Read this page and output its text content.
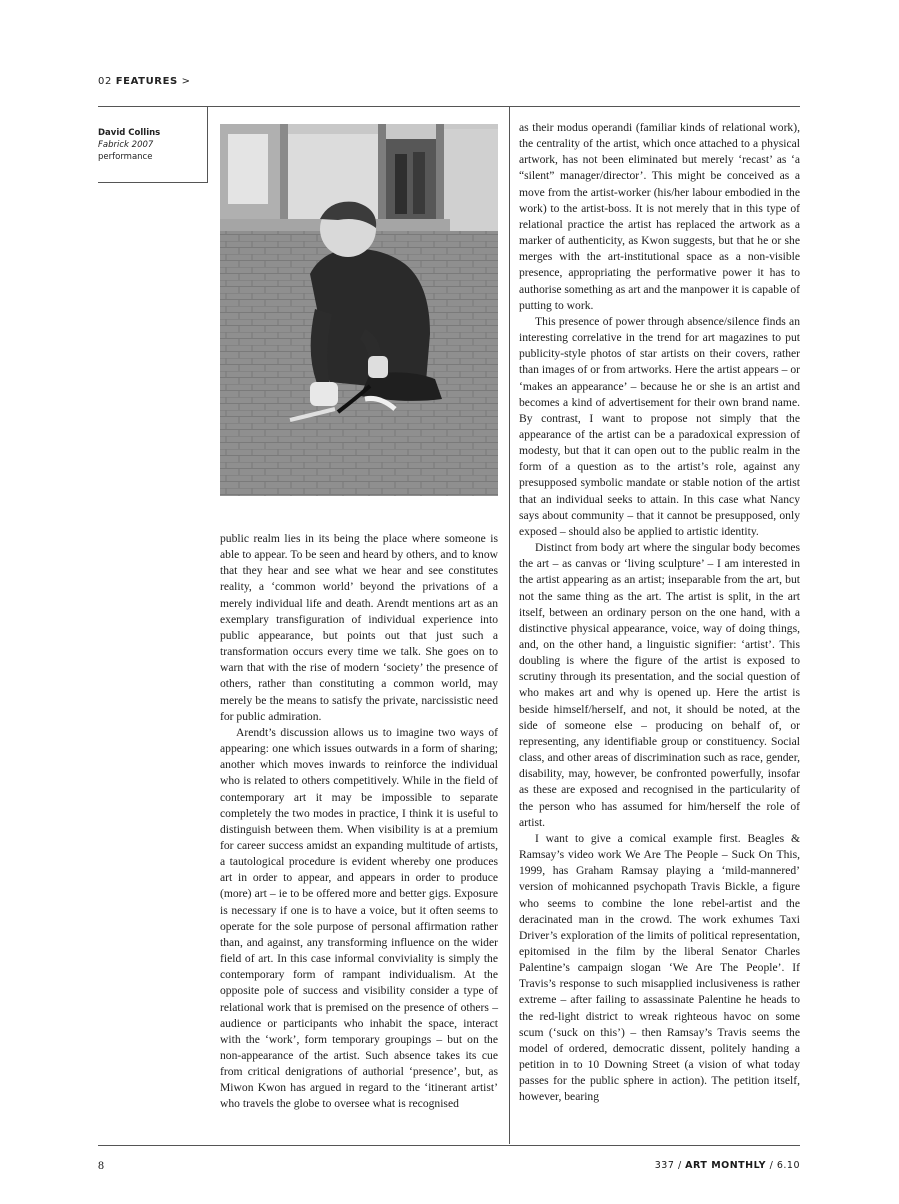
02 FEATURES >
David Collins
Fabrick 2007
performance

public realm lies in its being the place where someone is able to appear. To be seen and heard by others, and to know that they hear and see what we hear and see constitutes reality, a ‘common world’ beyond the privations of a merely individual life and death. Arendt mentions art as an exemplary transfiguration of individual experience into public appearance, but points out that just such a transformation occurs every time we talk. She goes on to warn that with the rise of modern ‘society’ the presence of others, rather than constituting a common world, may merely be the means to satisfy the private, narcissistic need for public admiration.

Arendt’s discussion allows us to imagine two ways of appearing: one which issues outwards in a form of sharing; another which moves inwards to reinforce the individual who is related to others competitively. While in the field of contemporary art it may be impossible to separate completely the two modes in practice, I think it is useful to distinguish between them. When visibility is at a premium for career success amidst an expanding multitude of artists, a tautological procedure is evident whereby one produces art in order to appear, and appears in order to produce (more) art – ie to be offered more and better gigs. Exposure is necessary if one is to have a voice, but it often seems to operate for the sole purpose of personal affirmation rather than, and against, any transforming influence on the wider field of art. In this case informal conviviality is simply the contemporary form of rampant individualism. At the opposite pole of success and visibility consider a type of relational work that is premised on the presence of others – audience or participants who inhabit the space, interact with the ‘work’, form temporary groupings – but on the non-appearance of the artist. Such absence takes its cue from critical denigrations of authorial ‘presence’, but, as Miwon Kwon has argued in regard to the ‘itinerant artist’ who travels the globe to oversee what is recognised

as their modus operandi (familiar kinds of relational work), the centrality of the artist, which once attached to a physical artwork, has not been eliminated but merely ‘recast’ as ‘a “silent” manager/director’. This might be conceived as a move from the artist-worker (his/her labour embodied in the work) to the artist-boss. It is not merely that in this type of relational practice the artist has replaced the artwork as a marker of authenticity, as Kwon suggests, but that he or she merges with the art-institutional space as a non-visible presence, appropriating the performative power it has to authorise something as art and the manpower it is capable of putting to work.

This presence of power through absence/silence finds an interesting correlative in the trend for art magazines to put publicity-style photos of star artists on their covers, rather than images of or from artworks. Here the artist appears – or ‘makes an appearance’ – because he or she is an artist and becomes a kind of advertisement for their own brand name. By contrast, I want to propose not simply that the appearance of the artist can be a paradoxical expression of modesty, but that it can open out to the public realm in the form of a question as to the artist’s role, against any presupposed symbolic mandate or stable notion of the artist that an individual seeks to attain. In this case what Nancy says about community – that it cannot be presupposed, only exposed – should also be applied to artistic identity.

Distinct from body art where the singular body becomes the art – as canvas or ‘living sculpture’ – I am interested in the artist appearing as an artist; inseparable from the art, but not the same thing as the art. The artist is split, in the art itself, between an ordinary person on the one hand, with a distinctive physical appearance, voice, way of doing things, and, on the other hand, a linguistic signifier: ‘artist’. This doubling is where the figure of the artist is exposed to scrutiny through its presentation, and the social question of who makes art and why is opened up. Here the artist is beside himself/herself, and not, it should be noted, at the side of someone else – producing on behalf of, or representing, any identifiable group or constituency. Social class, and other areas of discrimination such as race, gender, disability, may, however, be confronted powerfully, insofar as these are exposed and recognised in the particularity of the person who has assumed for him/herself the role of artist.

I want to give a comical example first. Beagles & Ramsay’s video work We Are The People – Suck On This, 1999, has Graham Ramsay playing a ‘mild-mannered’ version of mohicanned psychopath Travis Bickle, a figure who seems to combine the lone rebel-artist and the deracinated man in the crowd. The work exhumes Taxi Driver’s exploration of the limits of political representation, epitomised in the film by the liberal Senator Charles Palentine’s campaign slogan ‘We Are The People’. If Travis’s response to such misapplied inclusiveness is rather extreme – after failing to assassinate Palentine he heads to the red-light district to wreak righteous havoc on some scum (‘suck on this’) – then Ramsay’s Travis seems the model of ordered, democratic dissent, politely handing a petition in to 10 Downing Street (a vision of what today passes for the public sphere in action). The petition itself, however, bearing

8	337 / ART MONTHLY / 6.10
